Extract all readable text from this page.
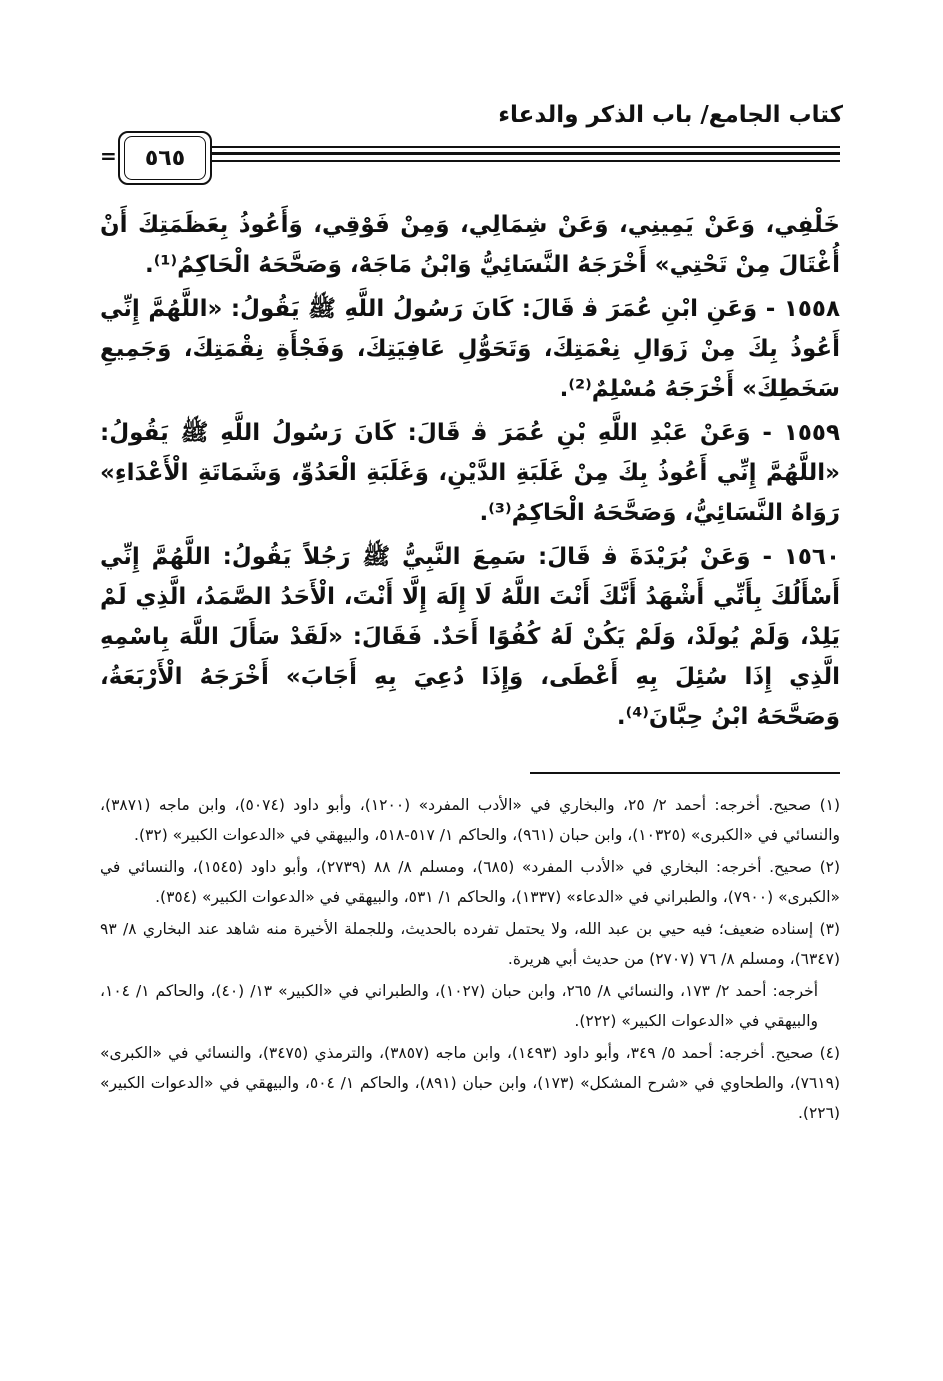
كتاب الجامع/ باب الذكر والدعاء
=	٥٦٥

خَلْفِي، وَعَنْ يَمِينِي، وَعَنْ شِمَالِي، وَمِنْ فَوْقِي، وَأَعُوذُ بِعَظَمَتِكَ أَنْ أُغْتَالَ مِنْ تَحْتِي» أَخْرَجَهُ النَّسَائِيُّ وَابْنُ مَاجَهْ، وَصَحَّحَهُ الْحَاكِمُ⁽¹⁾.

١٥٥٨ - وَعَنِ ابْنِ عُمَرَ ﭬ قَالَ: كَانَ رَسُولُ اللَّهِ ﷺ يَقُولُ: «اللَّهُمَّ إِنِّي أَعُوذُ بِكَ مِنْ زَوَالِ نِعْمَتِكَ، وَتَحَوُّلِ عَافِيَتِكَ، وَفَجْأَةِ نِقْمَتِكَ، وَجَمِيعِ سَخَطِكَ» أَخْرَجَهُ مُسْلِمٌ⁽²⁾.

١٥٥٩ - وَعَنْ عَبْدِ اللَّهِ بْنِ عُمَرَ ﭬ قَالَ: كَانَ رَسُولُ اللَّهِ ﷺ يَقُولُ: «اللَّهُمَّ إِنِّي أَعُوذُ بِكَ مِنْ غَلَبَةِ الدَّيْنِ، وَغَلَبَةِ الْعَدُوِّ، وَشَمَاتَةِ الْأَعْدَاءِ» رَوَاهُ النَّسَائِيُّ، وَصَحَّحَهُ الْحَاكِمُ⁽³⁾.

١٥٦٠ - وَعَنْ بُرَيْدَةَ ﭬ قَالَ: سَمِعَ النَّبِيُّ ﷺ رَجُلاً يَقُولُ: اللَّهُمَّ إِنِّي أَسْأَلُكَ بِأَنِّي أَشْهَدُ أَنَّكَ أَنْتَ اللَّهُ لَا إِلَهَ إِلَّا أَنْتَ، الْأَحَدُ الصَّمَدُ، الَّذِي لَمْ يَلِدْ، وَلَمْ يُولَدْ، وَلَمْ يَكُنْ لَهُ كُفُوًا أَحَدٌ. فَقَالَ: «لَقَدْ سَأَلَ اللَّهَ بِاسْمِهِ الَّذِي إِذَا سُئِلَ بِهِ أَعْطَى، وَإِذَا دُعِيَ بِهِ أَجَابَ» أَخْرَجَهُ الْأَرْبَعَةُ، وَصَحَّحَهُ ابْنُ حِبَّانَ⁽⁴⁾.

(١) صحيح. أخرجه: أحمد ٢/ ٢٥، والبخاري في «الأدب المفرد» (١٢٠٠)، وأبو داود (٥٠٧٤)، وابن ماجه (٣٨٧١)، والنسائي في «الكبرى» (١٠٣٢٥)، وابن حبان (٩٦١)، والحاكم ١/ ٥١٧-٥١٨، والبيهقي في «الدعوات الكبير» (٣٢).

(٢) صحيح. أخرجه: البخاري في «الأدب المفرد» (٦٨٥)، ومسلم ٨/ ٨٨ (٢٧٣٩)، وأبو داود (١٥٤٥)، والنسائي في «الكبرى» (٧٩٠٠)، والطبراني في «الدعاء» (١٣٣٧)، والحاكم ١/ ٥٣١، والبيهقي في «الدعوات الكبير» (٣٥٤).

(٣) إسناده ضعيف؛ فيه حيي بن عبد الله، ولا يحتمل تفرده بالحديث، وللجملة الأخيرة منه شاهد عند البخاري ٨/ ٩٣ (٦٣٤٧)، ومسلم ٨/ ٧٦ (٢٧٠٧) من حديث أبي هريرة.

أخرجه: أحمد ٢/ ١٧٣، والنسائي ٨/ ٢٦٥، وابن حبان (١٠٢٧)، والطبراني في «الكبير» ١٣/ (٤٠)، والحاكم ١/ ١٠٤، والبيهقي في «الدعوات الكبير» (٢٢٢).

(٤) صحيح. أخرجه: أحمد ٥/ ٣٤٩، وأبو داود (١٤٩٣)، وابن ماجه (٣٨٥٧)، والترمذي (٣٤٧٥)، والنسائي في «الكبرى» (٧٦١٩)، والطحاوي في «شرح المشكل» (١٧٣)، وابن حبان (٨٩١)، والحاكم ١/ ٥٠٤، والبيهقي في «الدعوات الكبير» (٢٢٦).
